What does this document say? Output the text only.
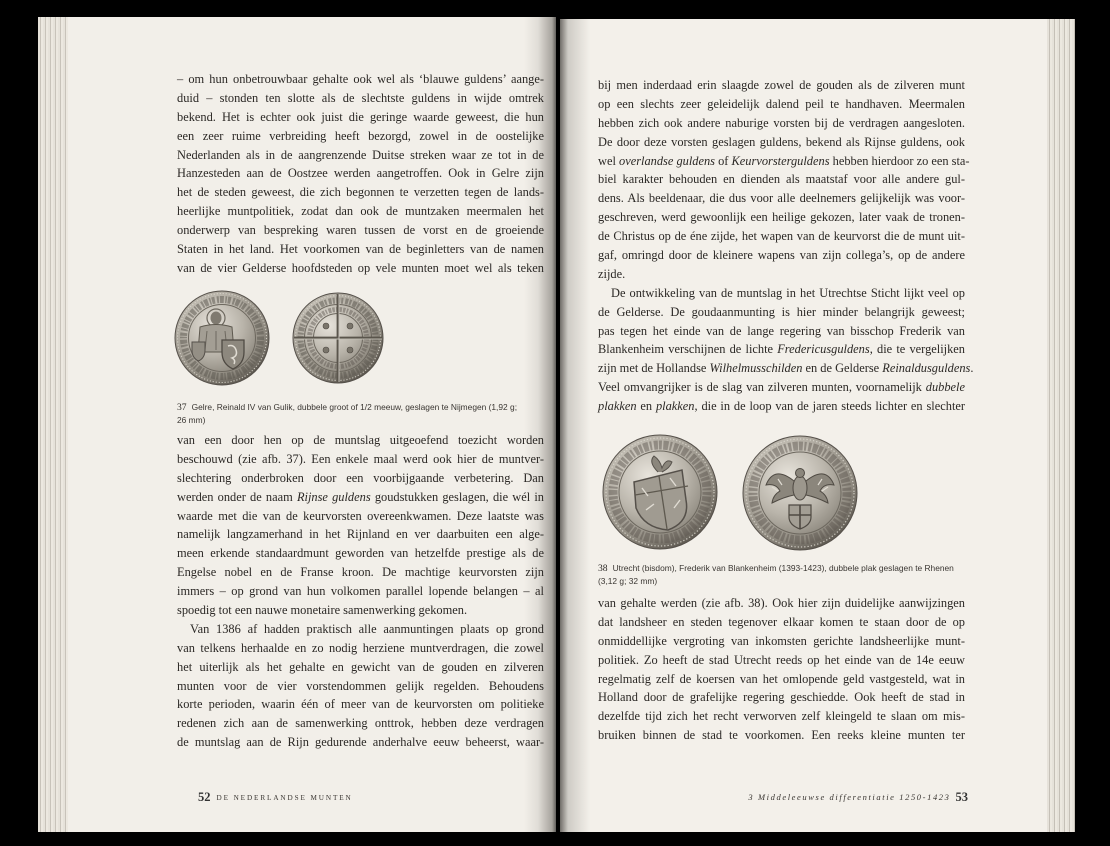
– om hun onbetrouwbaar gehalte ook wel als ‘blauwe guldens’ aange-
duid – stonden ten slotte als de slechtste guldens in wijde omtrek
bekend. Het is echter ook juist die geringe waarde geweest, die hun
een zeer ruime verbreiding heeft bezorgd, zowel in de oostelijke
Nederlanden als in de aangrenzende Duitse streken waar ze tot in de
Hanzesteden aan de Oostzee werden aangetroffen. Ook in Gelre zijn
het de steden geweest, die zich begonnen te verzetten tegen de lands-
heerlijke muntpolitiek, zodat dan ook de muntzaken meermalen het
onderwerp van bespreking waren tussen de vorst en de groeiende
Staten in het land. Het voorkomen van de beginletters van de namen
van de vier Gelderse hoofdsteden op vele munten moet wel als teken
37 Gelre, Reinald IV van Gulik, dubbele groot of 1/2 meeuw, geslagen te Nijmegen (1,92 g;
26 mm)
van een door hen op de muntslag uitgeoefend toezicht worden
beschouwd (zie afb. 37). Een enkele maal werd ook hier de muntver-
slechtering onderbroken door een voorbijgaande verbetering. Dan
werden onder de naam Rijnse guldens goudstukken geslagen, die wél in
waarde met die van de keurvorsten overeenkwamen. Deze laatste was
namelijk langzamerhand in het Rijnland en ver daarbuiten een alge-
meen erkende standaardmunt geworden van hetzelfde prestige als de
Engelse nobel en de Franse kroon. De machtige keurvorsten zijn
immers – op grond van hun volkomen parallel lopende belangen – al
spoedig tot een nauwe monetaire samenwerking gekomen.
Van 1386 af hadden praktisch alle aanmuntingen plaats op grond
van telkens herhaalde en zo nodig herziene muntverdragen, die zowel
het uiterlijk als het gehalte en gewicht van de gouden en zilveren
munten voor de vier vorstendommen gelijk regelden. Behoudens
korte perioden, waarin één of meer van de keurvorsten om politieke
redenen zich aan de samenwerking onttrok, hebben deze verdragen
de muntslag aan de Rijn gedurende anderhalve eeuw beheerst, waar-
52 DE NEDERLANDSE MUNTEN
bij men inderdaad erin slaagde zowel de gouden als de zilveren munt
op een slechts zeer geleidelijk dalend peil te handhaven. Meermalen
hebben zich ook andere naburige vorsten bij de verdragen aangesloten.
De door deze vorsten geslagen guldens, bekend als Rijnse guldens, ook
wel overlandse guldens of Keurvorsterguldens hebben hierdoor zo een sta-
biel karakter behouden en dienden als maatstaf voor alle andere gul-
dens. Als beeldenaar, die dus voor alle deelnemers gelijkelijk was voor-
geschreven, werd gewoonlijk een heilige gekozen, later vaak de tronen-
de Christus op de éne zijde, het wapen van de keurvorst die de munt uit-
gaf, omringd door de kleinere wapens van zijn collega’s, op de andere
zijde.
De ontwikkeling van de muntslag in het Utrechtse Sticht lijkt veel op
de Gelderse. De goudaanmunting is hier minder belangrijk geweest;
pas tegen het einde van de lange regering van bisschop Frederik van
Blankenheim verschijnen de lichte Fredericusguldens, die te vergelijken
zijn met de Hollandse Wilhelmusschilden en de Gelderse Reinaldusguldens.
Veel omvangrijker is de slag van zilveren munten, voornamelijk dubbele
plakken en plakken, die in de loop van de jaren steeds lichter en slechter
38 Utrecht (bisdom), Frederik van Blankenheim (1393-1423), dubbele plak geslagen te Rhenen
(3,12 g; 32 mm)
van gehalte werden (zie afb. 38). Ook hier zijn duidelijke aanwijzingen
dat landsheer en steden tegenover elkaar komen te staan door de op
onmiddellijke vergroting van inkomsten gerichte landsheerlijke munt-
politiek. Zo heeft de stad Utrecht reeds op het einde van de 14e eeuw
regelmatig zelf de koersen van het omlopende geld vastgesteld, wat in
Holland door de grafelijke regering geschiedde. Ook heeft de stad in
dezelfde tijd zich het recht verworven zelf kleingeld te slaan om mis-
bruiken binnen de stad te voorkomen. Een reeks kleine munten ter
3 Middeleeuwse differentiatie 1250-1423 53
